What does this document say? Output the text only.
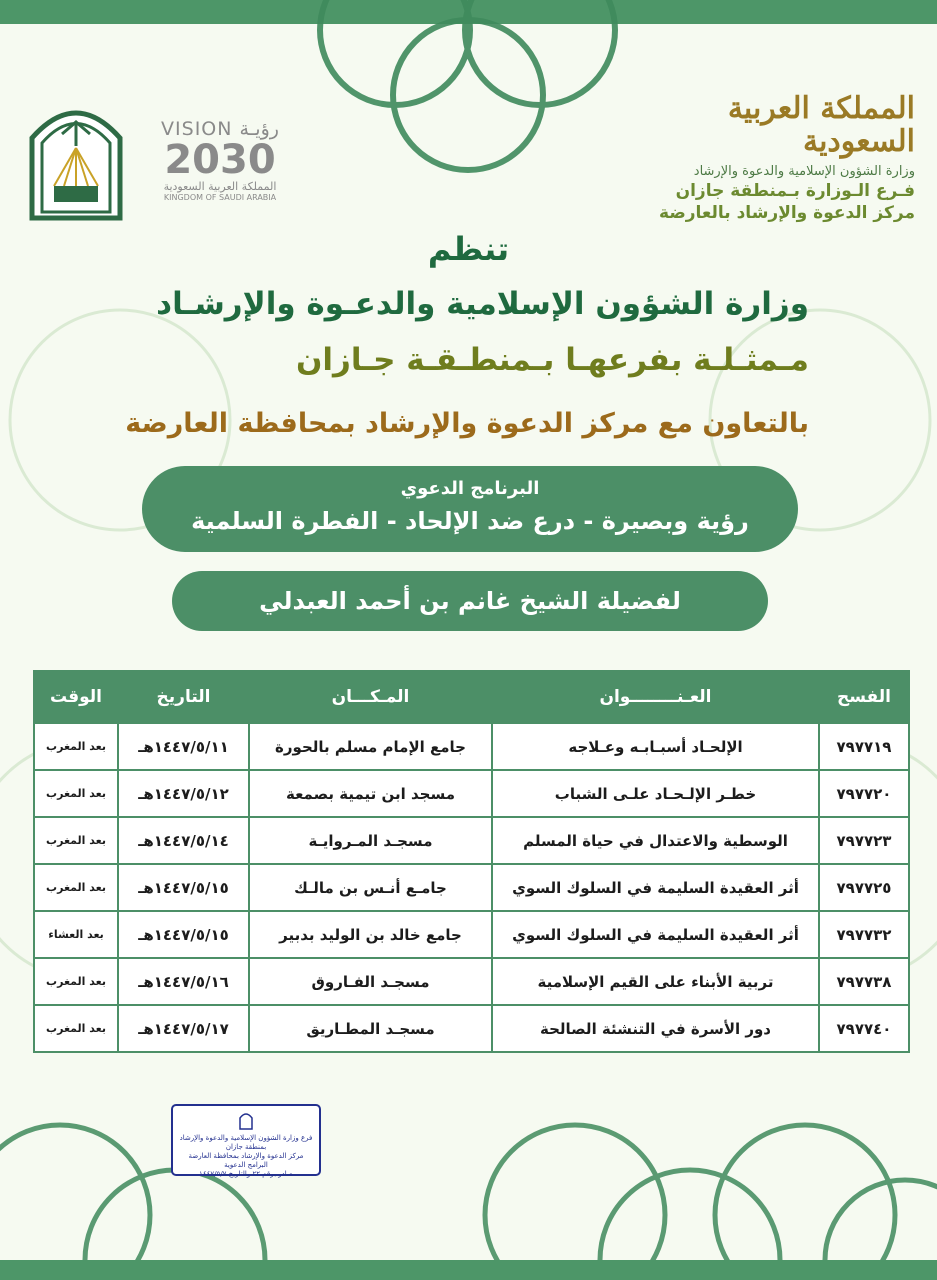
المملكة العربية السعودية
وزارة الشؤون الإسلامية والدعوة والإرشاد
فـرع الـوزارة بـمنطقة جازان
مركز الدعوة والإرشاد بالعارضة
VISION رؤيـة
2030
المملكة العربية السعودية
KINGDOM OF SAUDI ARABIA
تنظم
وزارة الشؤون الإسلامية والدعـوة والإرشـاد
مـمثـلـة بفرعهـا بـمنطـقـة جـازان
بالتعاون مع مركز الدعوة والإرشاد بمحافظة العارضة
البرنامج الدعوي
رؤية وبصيرة - درع ضد الإلحاد - الفطرة السلمية
لفضيلة الشيخ غانم بن أحمد العبدلي
الفسح	العـنــــــــوان	المـكـــان	التاريخ	الوقت
٧٩٧٧١٩	الإلحـاد أسبـابـه وعـلاجه	جامع الإمام مسلم بالحورة	١٤٤٧/٥/١١هـ	بعد المغرب
٧٩٧٧٢٠	خطـر الإلـحـاد علـى الشباب	مسجد ابن تيمية بصمعة	١٤٤٧/٥/١٢هـ	بعد المغرب
٧٩٧٧٢٣	الوسطية والاعتدال في حياة المسلم	مسجـد المـروايـة	١٤٤٧/٥/١٤هـ	بعد المغرب
٧٩٧٧٢٥	أثر العقيدة السليمة في السلوك السوي	جامـع أنـس بن مالـك	١٤٤٧/٥/١٥هـ	بعد المغرب
٧٩٧٧٣٢	أثر العقيدة السليمة في السلوك السوي	جامع خالد بن الوليد بدبير	١٤٤٧/٥/١٥هـ	بعد العشاء
٧٩٧٧٣٨	تربية الأبناء على القيم الإسلامية	مسجـد الفـاروق	١٤٤٧/٥/١٦هـ	بعد المغرب
٧٩٧٧٤٠	دور الأسرة في التنشئة الصالحة	مسجـد المطـاريق	١٤٤٧/٥/١٧هـ	بعد المغرب
فرع وزارة الشؤون الإسلامية والدعوة والإرشاد
بمنطقة جازان
مركز الدعوة والإرشاد بمحافظة العارضة
البرامج الدعوية
صادر برقم ٢٢ والتاريخ ١٤٤٧/٥/٧
